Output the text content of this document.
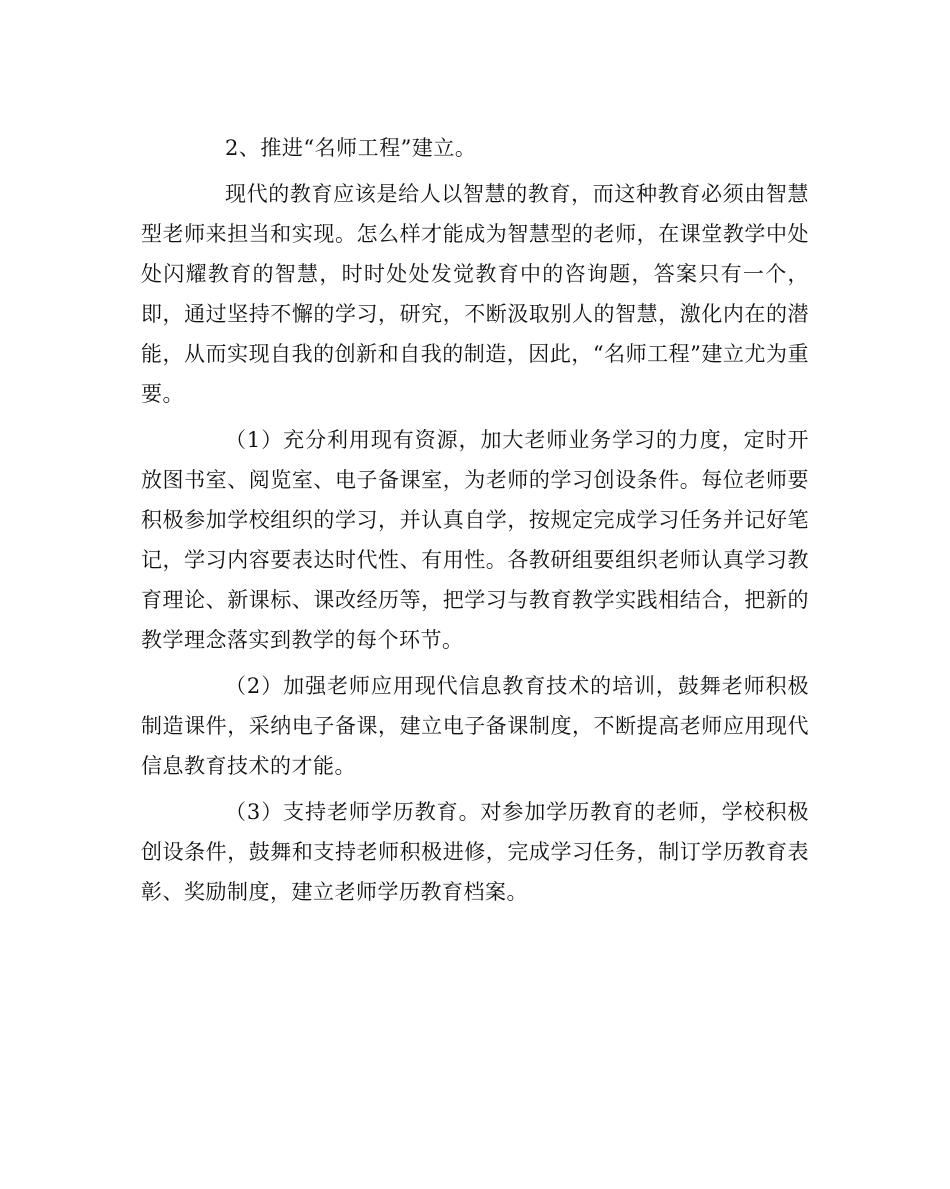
2、推进“名师工程”建立。

现代的教育应该是给人以智慧的教育，而这种教育必须由智慧型老师来担当和实现。怎么样才能成为智慧型的老师，在课堂教学中处处闪耀教育的智慧，时时处处发觉教育中的咨询题，答案只有一个，即，通过坚持不懈的学习，研究，不断汲取别人的智慧，激化内在的潜能，从而实现自我的创新和自我的制造，因此，“名师工程”建立尤为重要。

（1）充分利用现有资源，加大老师业务学习的力度，定时开放图书室、阅览室、电子备课室，为老师的学习创设条件。每位老师要积极参加学校组织的学习，并认真自学，按规定完成学习任务并记好笔记，学习内容要表达时代性、有用性。各教研组要组织老师认真学习教育理论、新课标、课改经历等，把学习与教育教学实践相结合，把新的教学理念落实到教学的每个环节。

（2）加强老师应用现代信息教育技术的培训，鼓舞老师积极制造课件，采纳电子备课，建立电子备课制度，不断提高老师应用现代信息教育技术的才能。

（3）支持老师学历教育。对参加学历教育的老师，学校积极创设条件，鼓舞和支持老师积极进修，完成学习任务，制订学历教育表彰、奖励制度，建立老师学历教育档案。
